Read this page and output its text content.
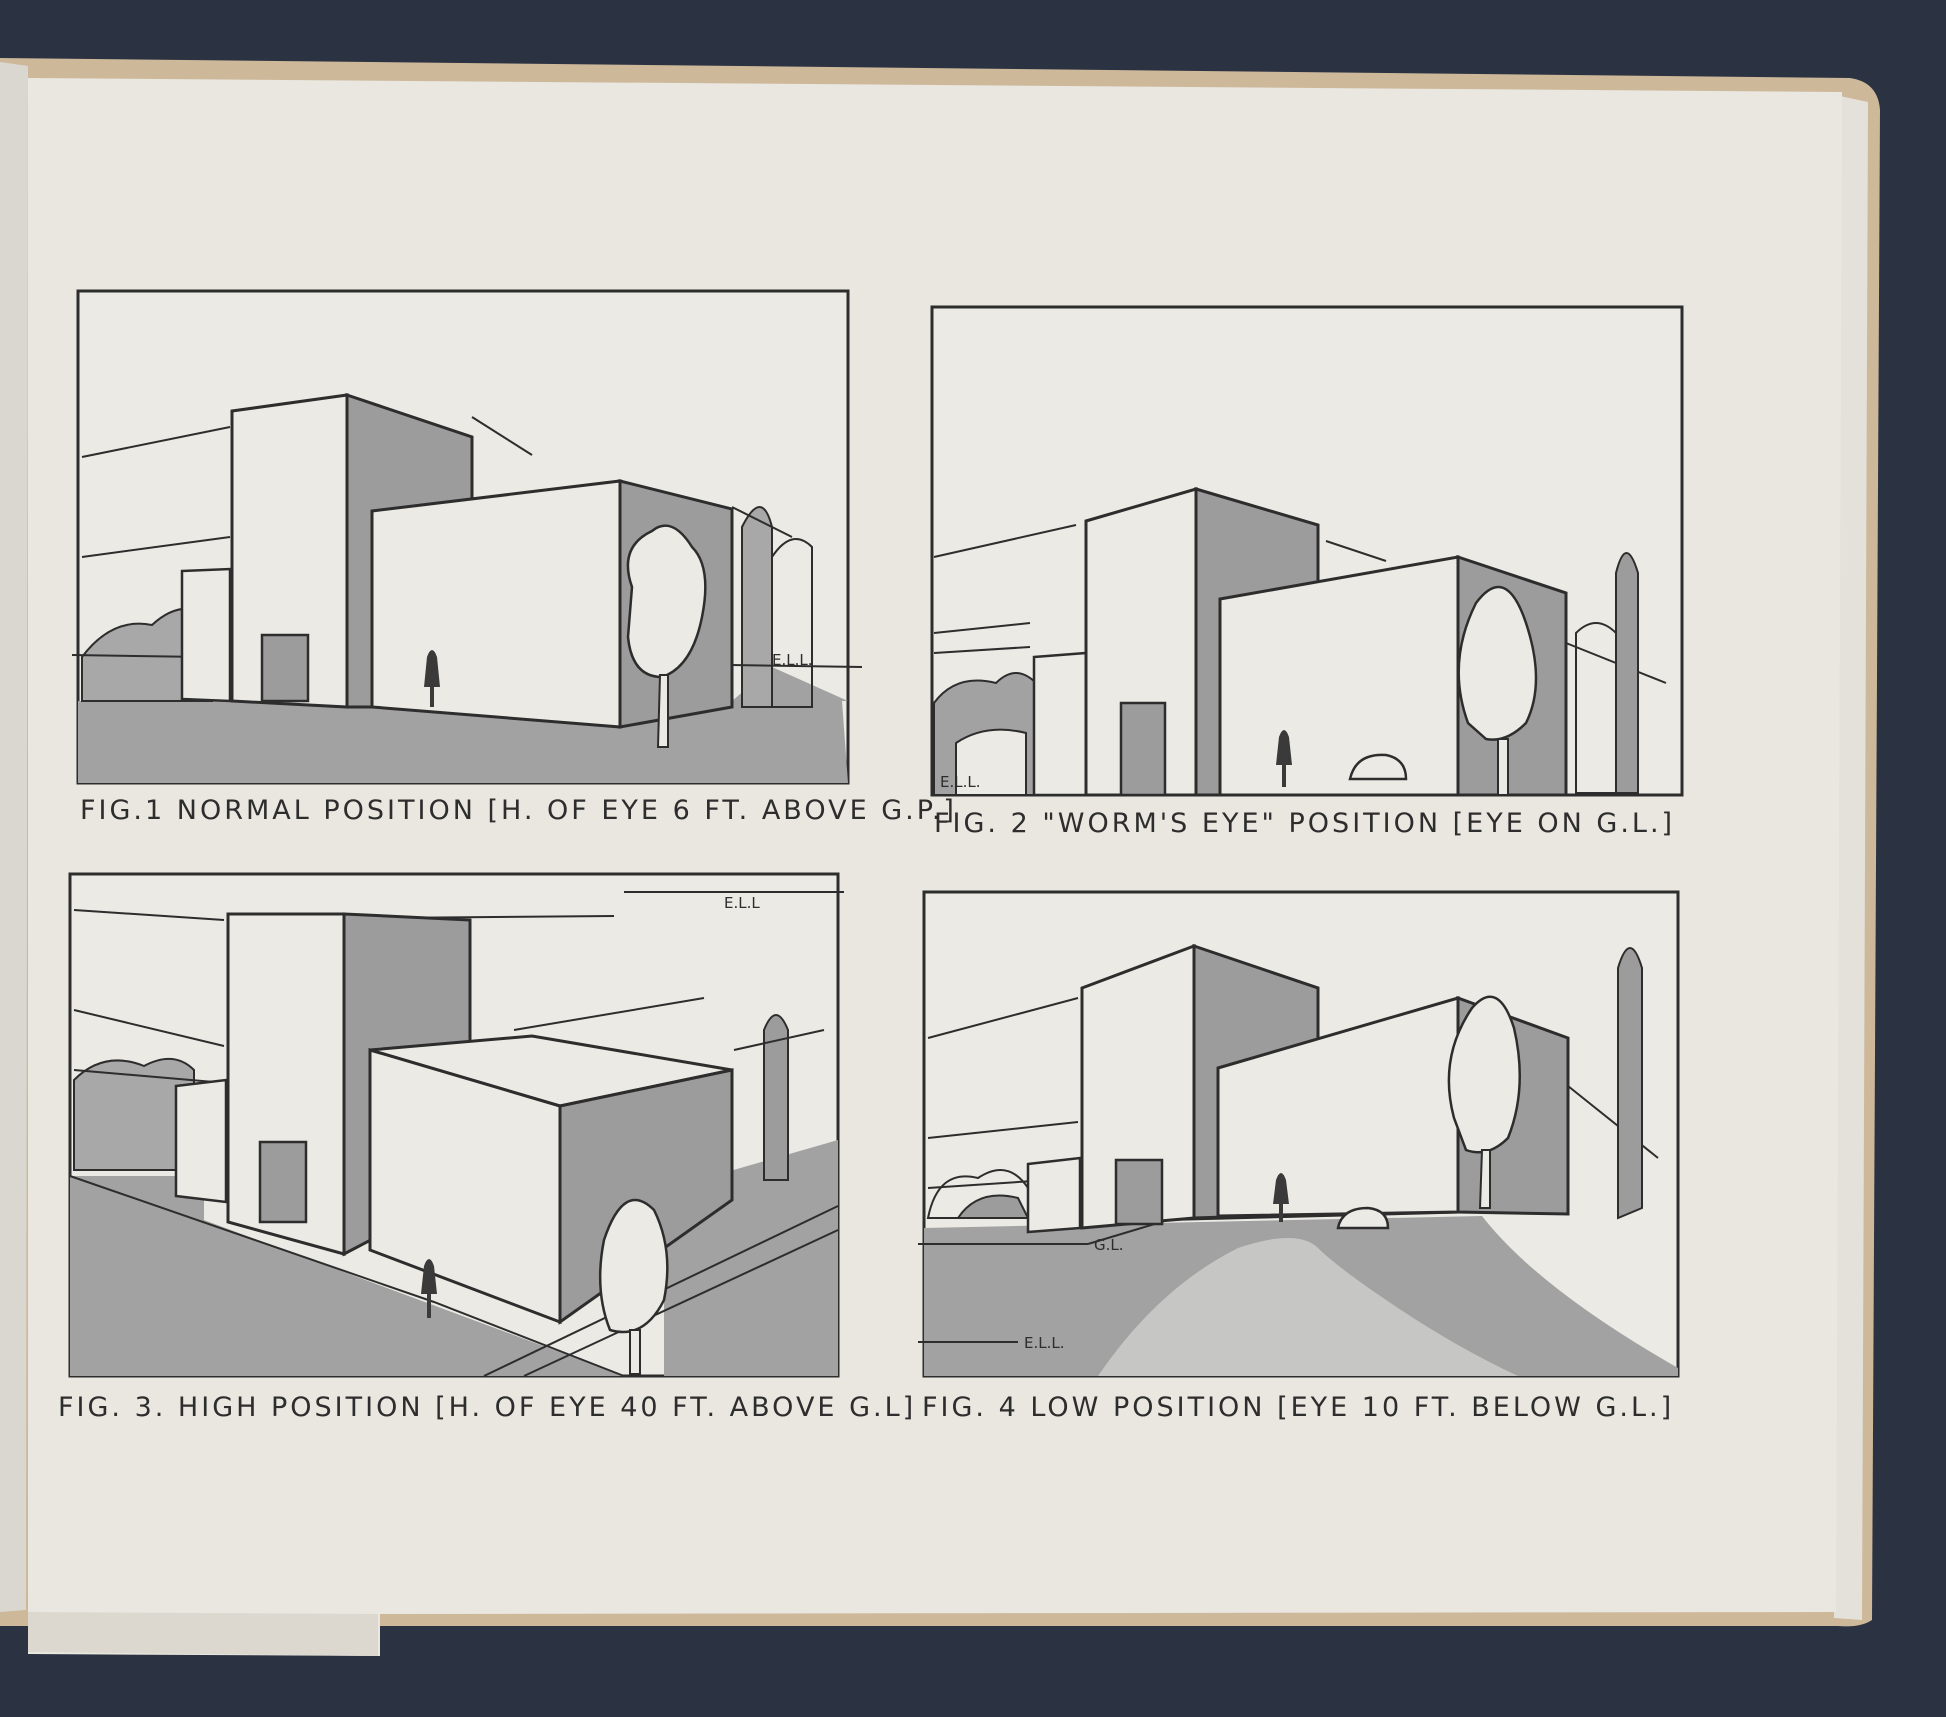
E.L.L.
FIG.1 NORMAL POSITION [H. OF EYE 6 FT. ABOVE G.P.]
E.L.L.
FIG. 2 "WORM'S EYE" POSITION [EYE ON G.L.]
E.L.L
FIG. 3. HIGH POSITION [H. OF EYE 40 FT. ABOVE G.L]
G.L.
E.L.L.
FIG. 4 LOW POSITION [EYE 10 FT. BELOW G.L.]
